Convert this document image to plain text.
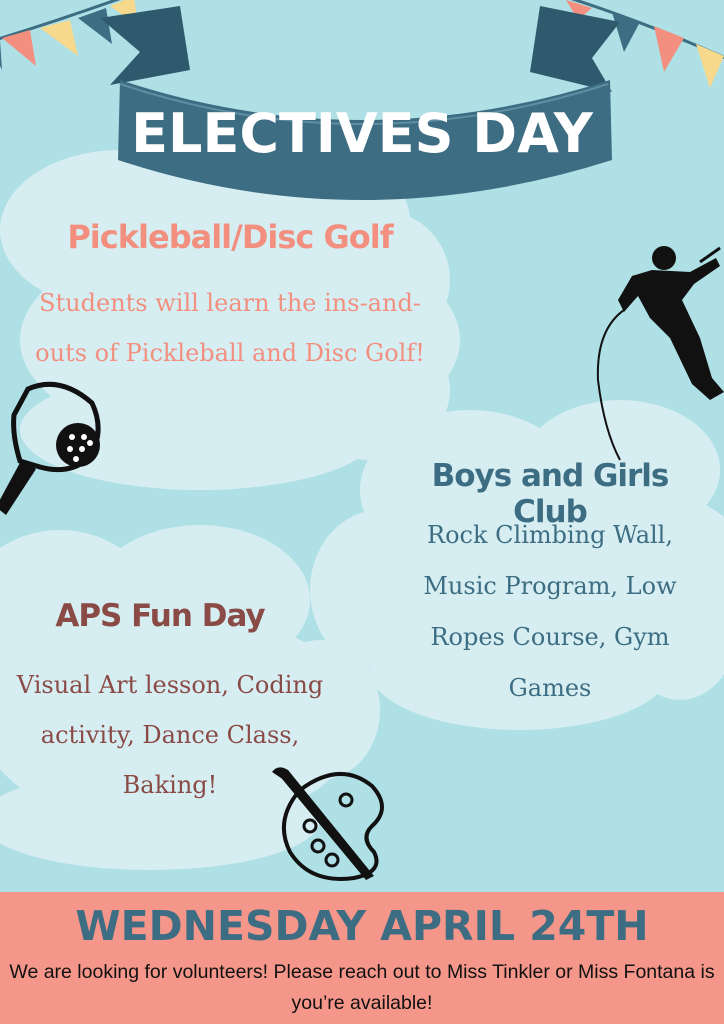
ELECTIVES DAY

Pickleball/Disc Golf

Students will learn the ins-and-outs of Pickleball and Disc Golf!

Boys and Girls Club

Rock Climbing Wall, Music Program, Low Ropes Course, Gym Games

APS Fun Day

Visual Art lesson, Coding activity, Dance Class, Baking!

WEDNESDAY APRIL 24TH

We are looking for volunteers! Please reach out to Miss Tinkler or Miss Fontana is you’re available!
